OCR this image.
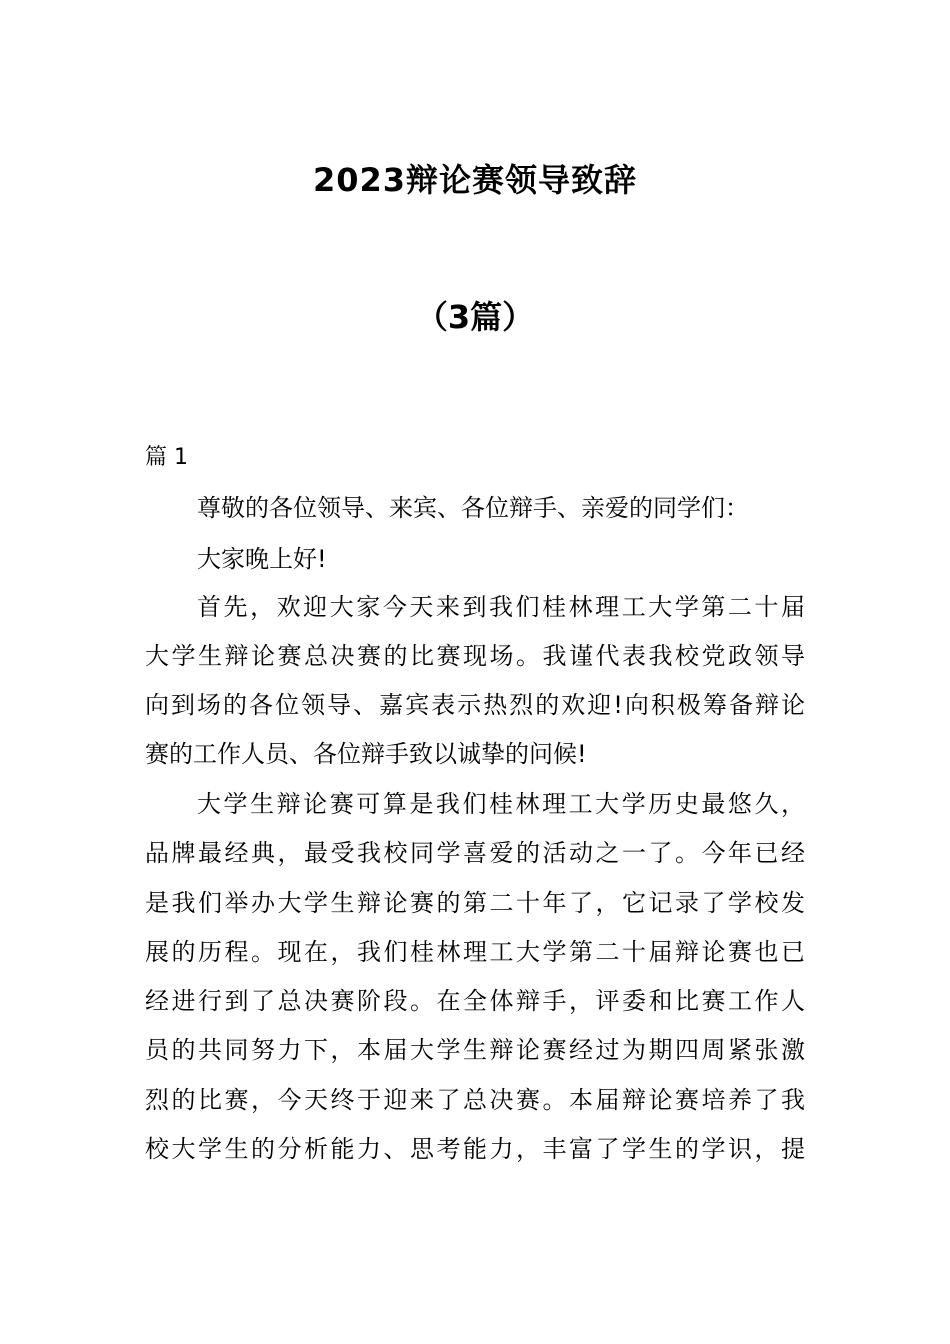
2023辩论赛领导致辞
（3篇）
篇 1
尊敬的各位领导、来宾、各位辩手、亲爱的同学们：
大家晚上好!
首先，欢迎大家今天来到我们桂林理工大学第二十届
大学生辩论赛总决赛的比赛现场。我谨代表我校党政领导
向到场的各位领导、嘉宾表示热烈的欢迎!向积极筹备辩论
赛的工作人员、各位辩手致以诚挚的问候!
大学生辩论赛可算是我们桂林理工大学历史最悠久，
品牌最经典，最受我校同学喜爱的活动之一了。今年已经
是我们举办大学生辩论赛的第二十年了，它记录了学校发
展的历程。现在，我们桂林理工大学第二十届辩论赛也已
经进行到了总决赛阶段。在全体辩手，评委和比赛工作人
员的共同努力下，本届大学生辩论赛经过为期四周紧张激
烈的比赛，今天终于迎来了总决赛。本届辩论赛培养了我
校大学生的分析能力、思考能力，丰富了学生的学识，提
